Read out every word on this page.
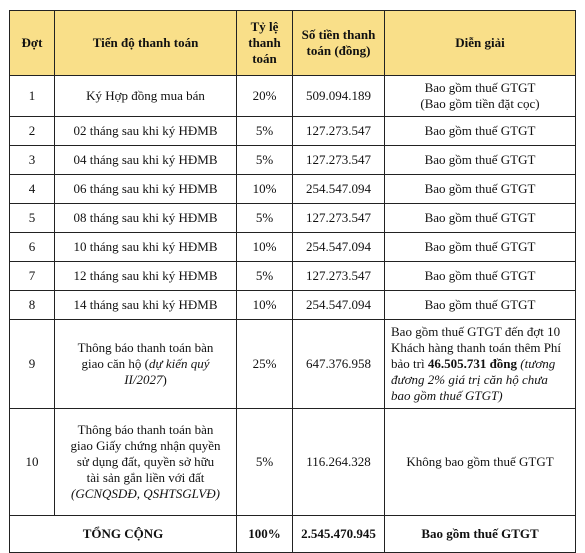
Đợt	Tiến độ thanh toán	Tỷ lệ
thanh
toán	Số tiền thanh
toán (đồng)	Diễn giải
1	Ký Hợp đồng mua bán	20%	509.094.189	Bao gồm thuế GTGT
(Bao gồm tiền đặt cọc)
2	02 tháng sau khi ký HĐMB	5%	127.273.547	Bao gồm thuế GTGT
3	04 tháng sau khi ký HĐMB	5%	127.273.547	Bao gồm thuế GTGT
4	06 tháng sau khi ký HĐMB	10%	254.547.094	Bao gồm thuế GTGT
5	08 tháng sau khi ký HĐMB	5%	127.273.547	Bao gồm thuế GTGT
6	10 tháng sau khi ký HĐMB	10%	254.547.094	Bao gồm thuế GTGT
7	12 tháng sau khi ký HĐMB	5%	127.273.547	Bao gồm thuế GTGT
8	14 tháng sau khi ký HĐMB	10%	254.547.094	Bao gồm thuế GTGT
9	Thông báo thanh toán bàn
giao căn hộ (dự kiến quý
II/2027)	25%	647.376.958	Bao gồm thuế GTGT đến đợt 10
Khách hàng thanh toán thêm Phí
bảo trì 46.505.731 đồng (tương
đương 2% giá trị căn hộ chưa
bao gồm thuế GTGT)

10	Thông báo thanh toán bàn
giao Giấy chứng nhận quyền
sử dụng đất, quyền sở hữu
tài sản gắn liền với đất
(GCNQSDĐ, QSHTSGLVĐ)	5%	116.264.328	Không bao gồm thuế GTGT
TỔNG CỘNG		100%	2.545.470.945	Bao gồm thuế GTGT
